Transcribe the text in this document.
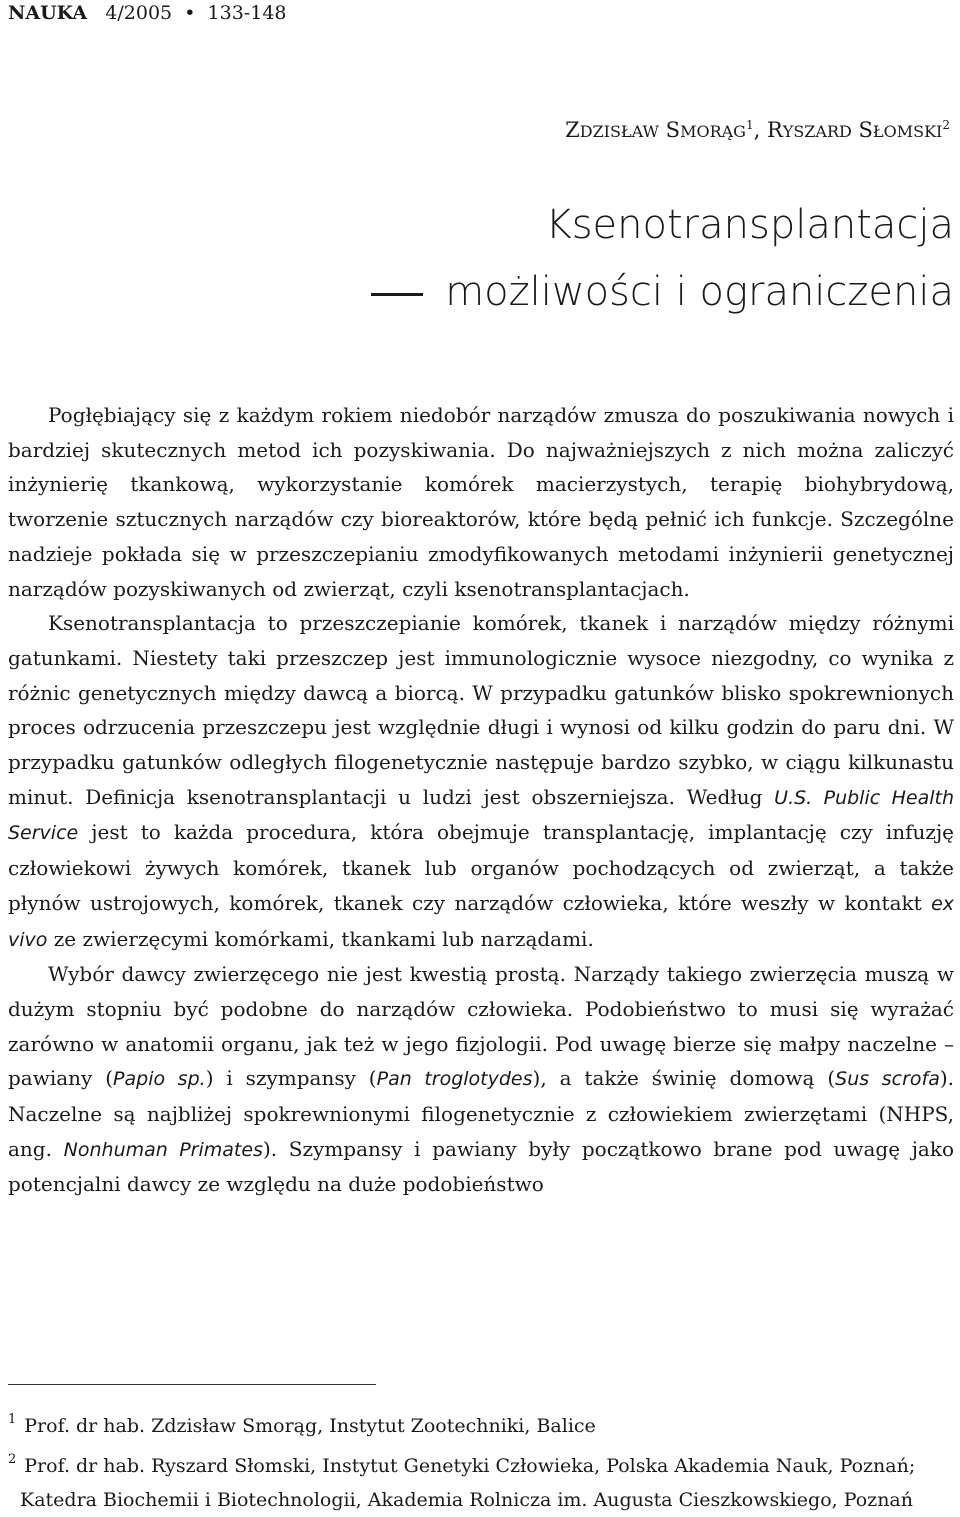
NAUKA 4/2005 • 133-148
ZDZISŁAW SMORĄG$^1$, RYSZARD SŁOMSKI$^2$
Ksenotransplantacja
możliwości i ograniczenia

Pogłębiający się z każdym rokiem niedobór narządów zmusza do poszukiwania nowych i bardziej skutecznych metod ich pozyskiwania. Do najważniejszych z nich można zaliczyć inżynierię tkankową, wykorzystanie komórek macierzystych, terapię biohybrydową, tworzenie sztucznych narządów czy bioreaktorów, które będą pełnić ich funkcje. Szczególne nadzieje pokłada się w przeszczepianiu zmodyfikowanych metodami inżynierii genetycznej narządów pozyskiwanych od zwierząt, czyli ksenotransplantacjach.

Ksenotransplantacja to przeszczepianie komórek, tkanek i narządów między różnymi gatunkami. Niestety taki przeszczep jest immunologicznie wysoce niezgodny, co wynika z różnic genetycznych między dawcą a biorcą. W przypadku gatunków blisko spokrewnionych proces odrzucenia przeszczepu jest względnie długi i wynosi od kilku godzin do paru dni. W przypadku gatunków odległych filogenetycznie następuje bardzo szybko, w ciągu kilkunastu minut. Definicja ksenotransplantacji u ludzi jest obszerniejsza. Według U.S. Public Health Service jest to każda procedura, która obejmuje transplantację, implantację czy infuzję człowiekowi żywych komórek, tkanek lub organów pochodzących od zwierząt, a także płynów ustrojowych, komórek, tkanek czy narządów człowieka, które weszły w kontakt ex vivo ze zwierzęcymi komórkami, tkankami lub narządami.

Wybór dawcy zwierzęcego nie jest kwestią prostą. Narządy takiego zwierzęcia muszą w dużym stopniu być podobne do narządów człowieka. Podobieństwo to musi się wyrażać zarówno w anatomii organu, jak też w jego fizjologii. Pod uwagę bierze się małpy naczelne – pawiany (Papio sp.) i szympansy (Pan troglotydes), a także świnię domową (Sus scrofa). Naczelne są najbliżej spokrewnionymi filogenetycznie z człowiekiem zwierzętami (NHPS, ang. Nonhuman Primates). Szympansy i pawiany były początkowo brane pod uwagę jako potencjalni dawcy ze względu na duże podobieństwo

$^1$ Prof. dr hab. Zdzisław Smorąg, Instytut Zootechniki, Balice
$^2$ Prof. dr hab. Ryszard Słomski, Instytut Genetyki Człowieka, Polska Akademia Nauk, Poznań;
Katedra Biochemii i Biotechnologii, Akademia Rolnicza im. Augusta Cieszkowskiego, Poznań
